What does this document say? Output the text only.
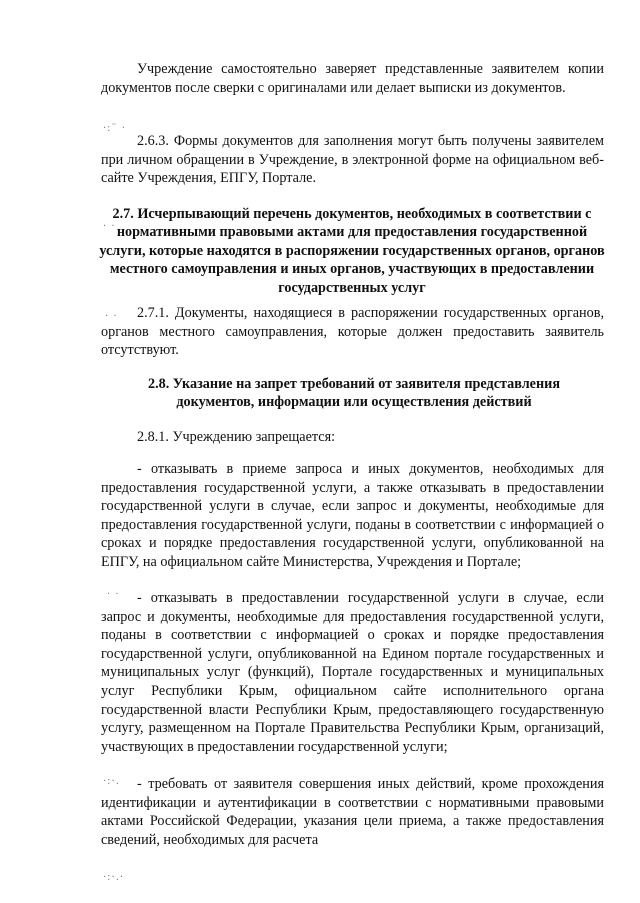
·:¨ ·
· ·
· ·
· ·
·:·.
·:·.·

Учреждение самостоятельно заверяет представленные заявителем копии документов после сверки с оригиналами или делает выписки из документов.

2.6.3. Формы документов для заполнения могут быть получены заявителем при личном обращении в Учреждение, в электронной форме на официальном веб-сайте Учреждения, ЕПГУ, Портале.

2.7. Исчерпывающий перечень документов, необходимых в соответствии с нормативными правовыми актами для предоставления государственной услуги, которые находятся в распоряжении государственных органов, органов местного самоуправления и иных органов, участвующих в предоставлении государственных услуг

2.7.1. Документы, находящиеся в распоряжении государственных органов, органов местного самоуправления, которые должен предоставить заявитель отсутствуют.

2.8. Указание на запрет требований от заявителя представления документов, информации или осуществления действий

2.8.1. Учреждению запрещается:

- отказывать в приеме запроса и иных документов, необходимых для предоставления государственной услуги, а также отказывать в предоставлении государственной услуги в случае, если запрос и документы, необходимые для предоставления государственной услуги, поданы в соответствии с информацией о сроках и порядке предоставления государственной услуги, опубликованной на ЕПГУ, на официальном сайте Министерства, Учреждения и Портале;

- отказывать в предоставлении государственной услуги в случае, если запрос и документы, необходимые для предоставления государственной услуги, поданы в соответствии с информацией о сроках и порядке предоставления государственной услуги, опубликованной на Едином портале государственных и муниципальных услуг (функций), Портале государственных и муниципальных услуг Республики Крым, официальном сайте исполнительного органа государственной власти Республики Крым, предоставляющего государственную услугу, размещенном на Портале Правительства Республики Крым, организаций, участвующих в предоставлении государственной услуги;

- требовать от заявителя совершения иных действий, кроме прохождения идентификации и аутентификации в соответствии с нормативными правовыми актами Российской Федерации, указания цели приема, а также предоставления сведений, необходимых для расчета
